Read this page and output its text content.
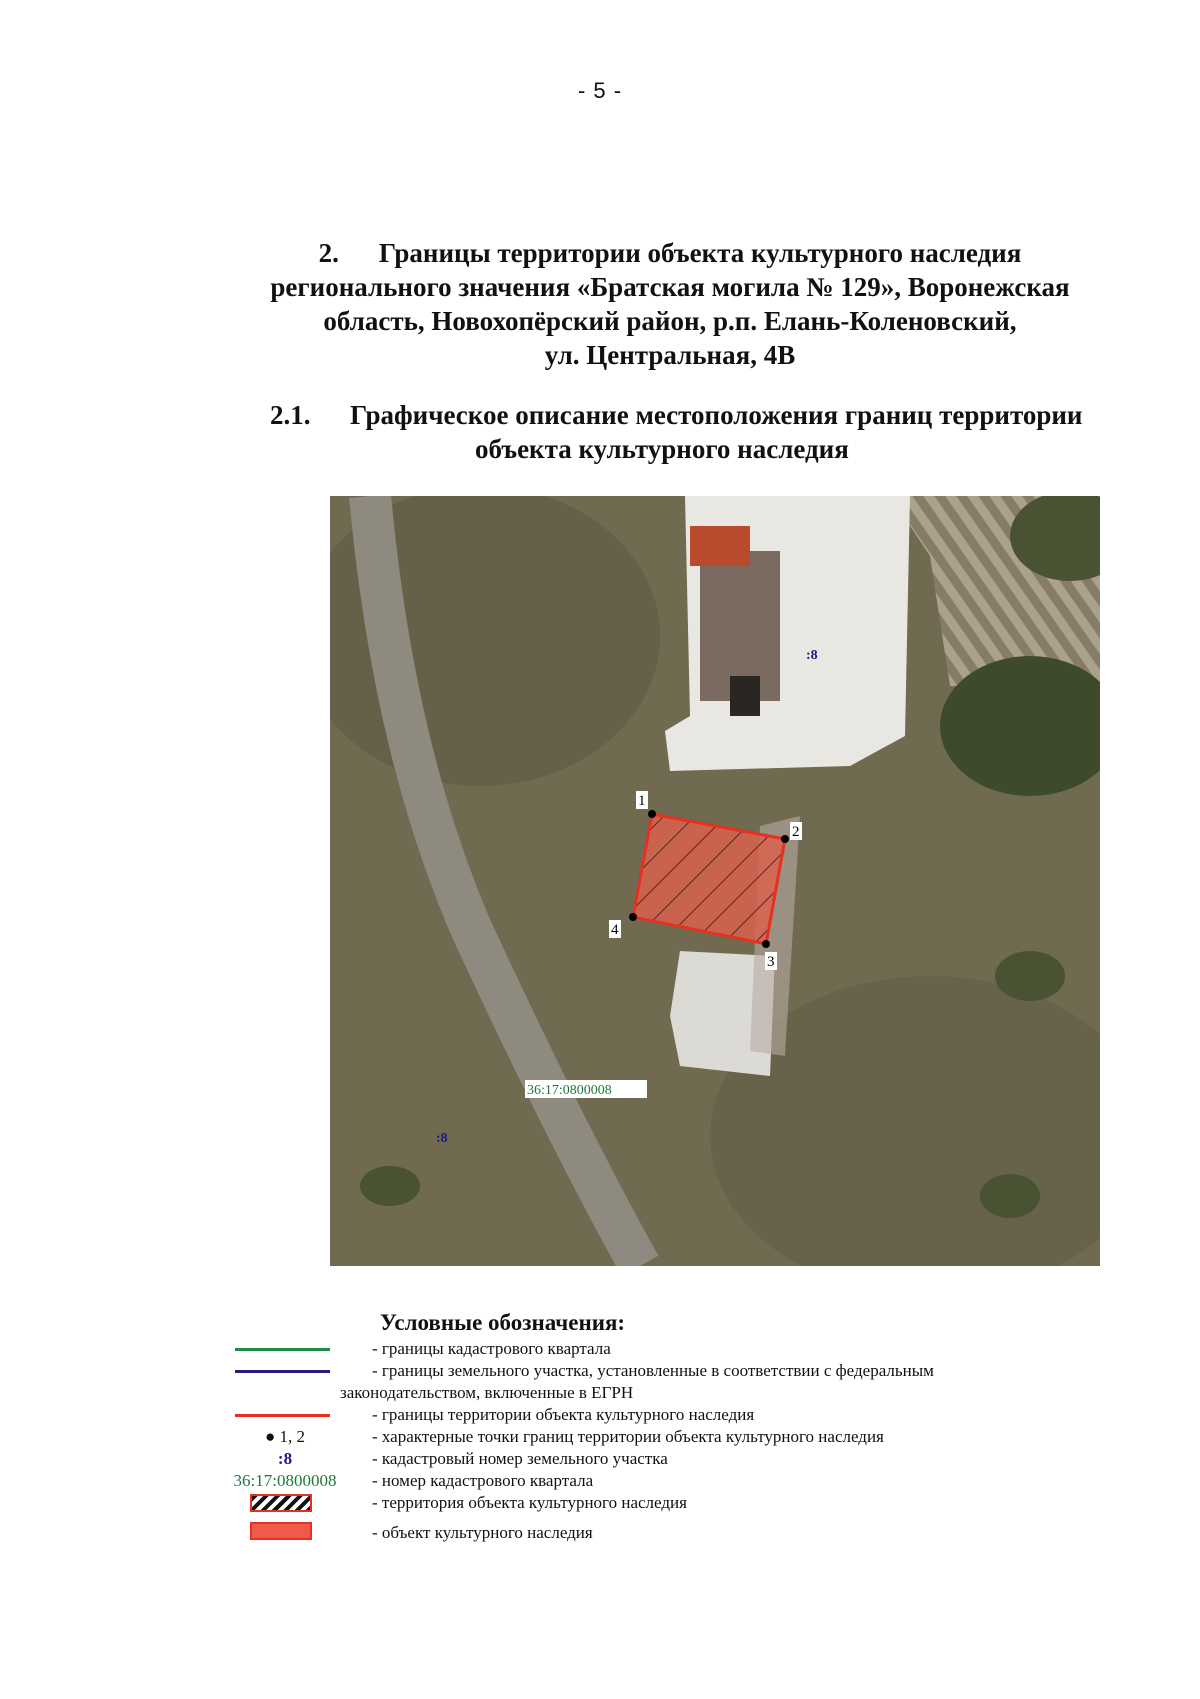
- 5 -
2. Границы территории объекта культурного наследия
регионального значения «Братская могила № 129», Воронежская
область, Новохопёрский район, р.п. Елань-Коленовский,
ул. Центральная, 4В
2.1. Графическое описание местоположения границ территории
объекта культурного наследия
1
2
3
4
:8
:8
36:17:0800008
Условные обозначения:
- границы кадастрового квартала
- границы земельного участка, установленные в соответствии с федеральным
законодательством, включенные в ЕГРН
- границы территории объекта культурного наследия
● 1, 2	- характерные точки границ территории объекта культурного наследия
:8	- кадастровый номер земельного участка
36:17:0800008	- номер кадастрового квартала
- территория объекта культурного наследия
- объект культурного наследия
